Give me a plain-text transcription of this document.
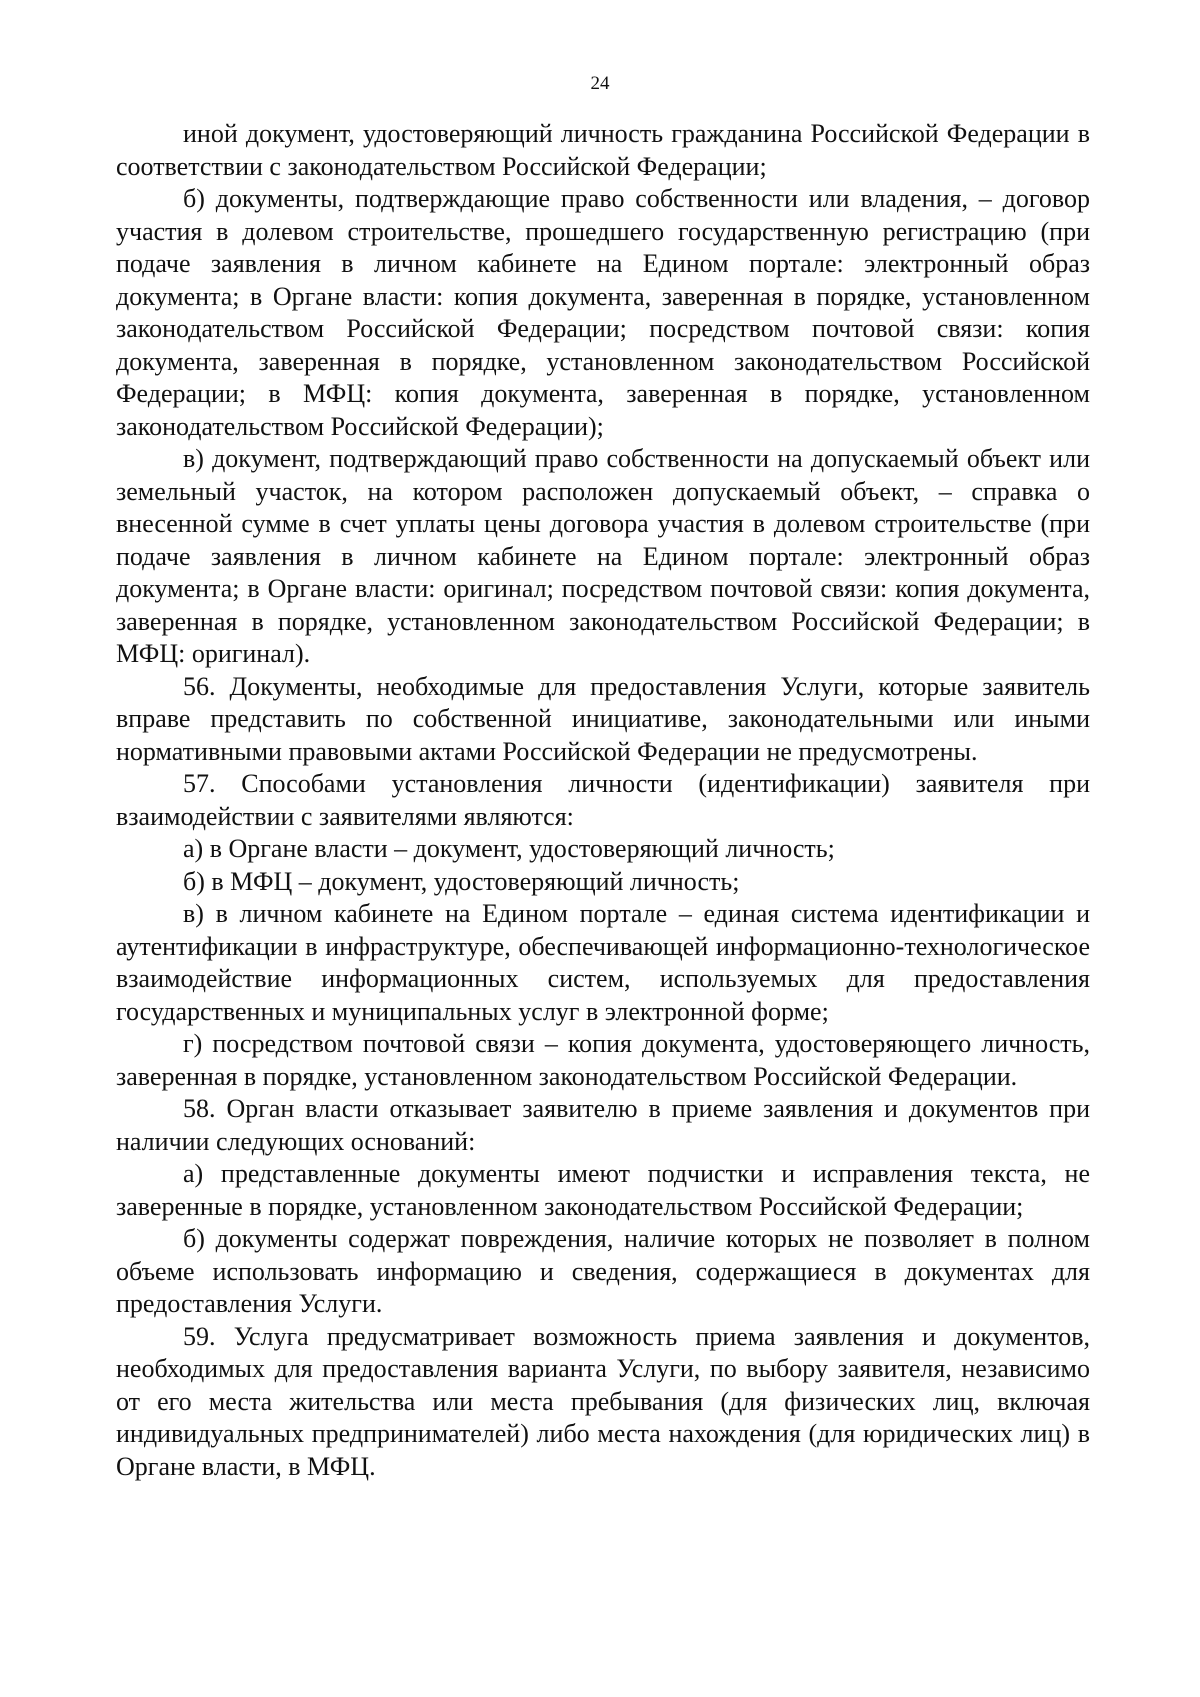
24

иной документ, удостоверяющий личность гражданина Российской Федерации в соответствии с законодательством Российской Федерации;

б) документы, подтверждающие право собственности или владения, – договор участия в долевом строительстве, прошедшего государственную регистрацию (при подаче заявления в личном кабинете на Едином портале: электронный образ документа; в Органе власти: копия документа, заверенная в порядке, установленном законодательством Российской Федерации; посредством почтовой связи: копия документа, заверенная в порядке, установленном законодательством Российской Федерации; в МФЦ: копия документа, заверенная в порядке, установленном законодательством Российской Федерации);

в) документ, подтверждающий право собственности на допускаемый объект или земельный участок, на котором расположен допускаемый объект, – справка о внесенной сумме в счет уплаты цены договора участия в долевом строительстве (при подаче заявления в личном кабинете на Едином портале: электронный образ документа; в Органе власти: оригинал; посредством почтовой связи: копия документа, заверенная в порядке, установленном законодательством Российской Федерации; в МФЦ: оригинал).

56. Документы, необходимые для предоставления Услуги, которые заявитель вправе представить по собственной инициативе, законодательными или иными нормативными правовыми актами Российской Федерации не предусмотрены.

57. Способами установления личности (идентификации) заявителя при взаимодействии с заявителями являются:

а) в Органе власти – документ, удостоверяющий личность;

б) в МФЦ – документ, удостоверяющий личность;

в) в личном кабинете на Едином портале – единая система идентификации и аутентификации в инфраструктуре, обеспечивающей информационно-технологическое взаимодействие информационных систем, используемых для предоставления государственных и муниципальных услуг в электронной форме;

г) посредством почтовой связи – копия документа, удостоверяющего личность, заверенная в порядке, установленном законодательством Российской Федерации.

58. Орган власти отказывает заявителю в приеме заявления и документов при наличии следующих оснований:

а) представленные документы имеют подчистки и исправления текста, не заверенные в порядке, установленном законодательством Российской Федерации;

б) документы содержат повреждения, наличие которых не позволяет в полном объеме использовать информацию и сведения, содержащиеся в документах для предоставления Услуги.

59. Услуга предусматривает возможность приема заявления и документов, необходимых для предоставления варианта Услуги, по выбору заявителя, независимо от его места жительства или места пребывания (для физических лиц, включая индивидуальных предпринимателей) либо места нахождения (для юридических лиц) в Органе власти, в МФЦ.
